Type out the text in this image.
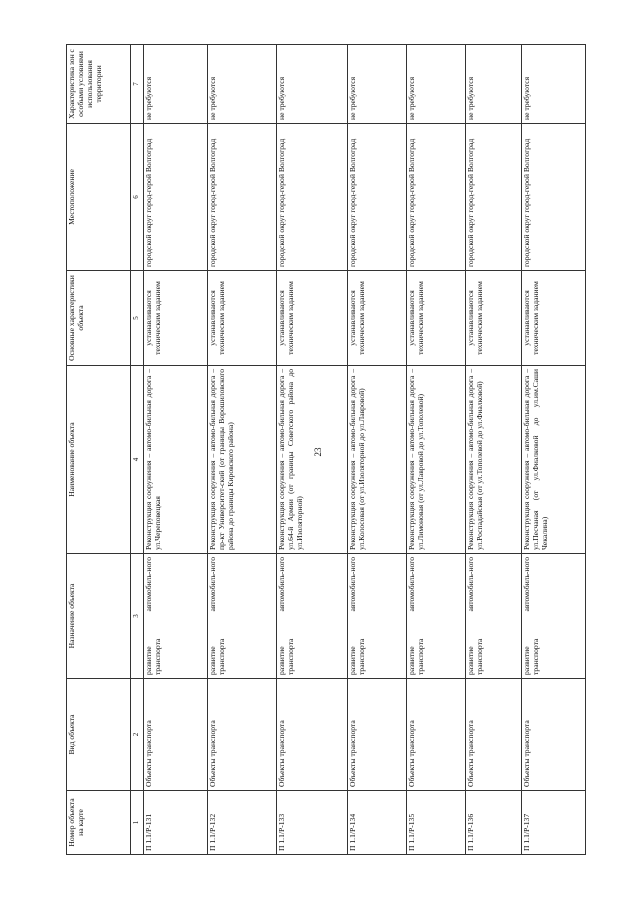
23
Номер объекта на карте	Вид объекта	Назначение объекта	Наименование объекта	Основные характеристики объекта	Местоположение	Характеристика зон с особыми условиями использования территории
1	2	3	4	5	6	7
П 1.1/Р-131	Объекты транспорта	развитие автомобиль-ного транспорта	Реконструкция сооружения – автомо-бильная дорога – ул.Череповецкая	устанавливаются техническим заданием	городской округ город-герой Волгоград	не требуются
П 1.1/Р-132	Объекты транспорта	развитие автомобиль-ного транспорта	Реконструкция сооружения – автомо-бильная дорога – пр-кт Университет-ский (от границы Ворошиловского района до границы Кировского района)	устанавливаются техническим заданием	городской округ город-герой Волгоград	не требуются
П 1.1/Р-133	Объекты транспорта	развитие автомобиль-ного транспорта	Реконструкция сооружения – автомо-бильная дорога – ул.64-й Армии (от границы Советского района до ул.Изоляторной)	устанавливаются техническим заданием	городской округ город-герой Волгоград	не требуются
П 1.1/Р-134	Объекты транспорта	развитие автомобиль-ного транспорта	Реконструкция сооружения – автомо-бильная дорога – ул.Колосовая (от ул.Изоляторной до ул.Лавровой)	устанавливаются техническим заданием	городской округ город-герой Волгоград	не требуются
П 1.1/Р-135	Объекты транспорта	развитие автомобиль-ного транспорта	Реконструкция сооружения – автомо-бильная дорога – ул.Лимоновая (от ул.Лавровой до ул.Тополевой)	устанавливаются техническим заданием	городской округ город-герой Волгоград	не требуются
П 1.1/Р-136	Объекты транспорта	развитие автомобиль-ного транспорта	Реконструкция сооружения – автомо-бильная дорога – ул.Роспадайская (от ул.Тополевой до ул.Фиалковой)	устанавливаются техническим заданием	городской округ город-герой Волгоград	не требуются
П 1.1/Р-137	Объекты транспорта	развитие автомобиль-ного транспорта	Реконструкция сооружения – автомо-бильная дорога – ул.Песчаная (от ул.Фиалковой до ул.им.Саши Чекалина)	устанавливаются техническим заданием	городской округ город-герой Волгоград	не требуются
